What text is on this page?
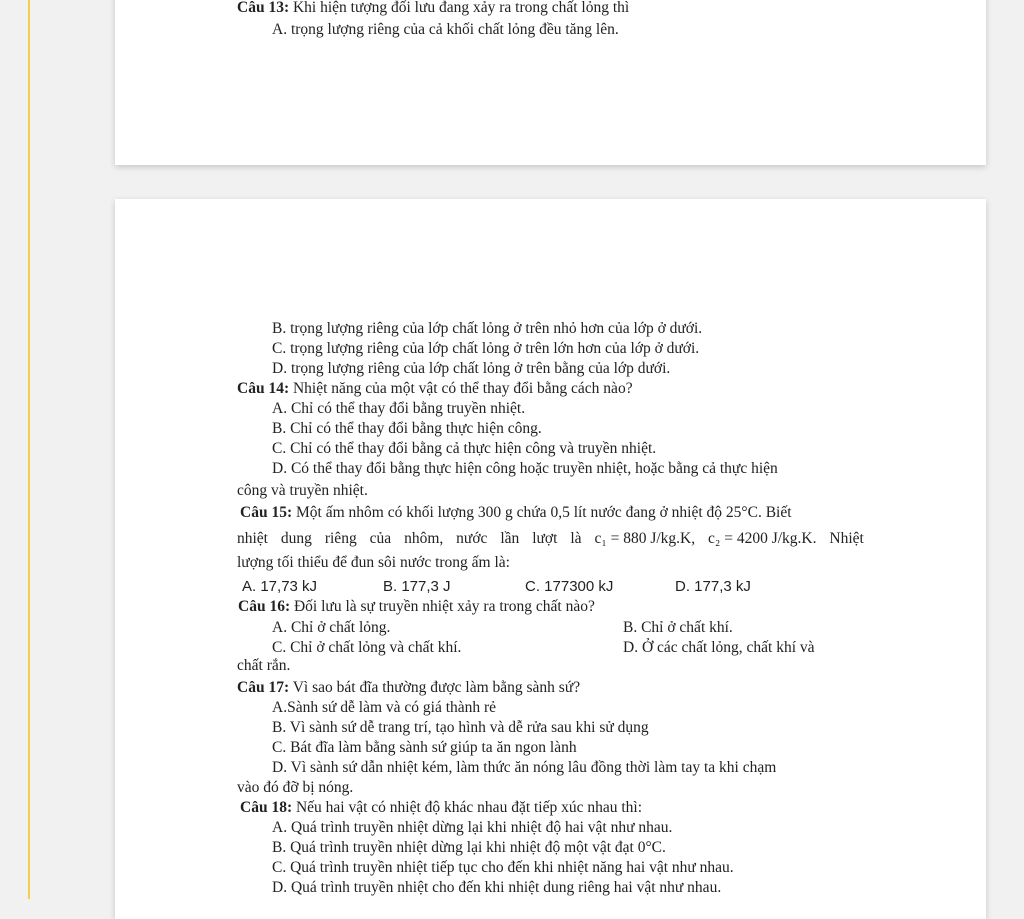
Câu 13: Khi hiện tượng đối lưu đang xảy ra trong chất lỏng thì
A. trọng lượng riêng của cả khối chất lỏng đều tăng lên.
B. trọng lượng riêng của lớp chất lỏng ở trên nhỏ hơn của lớp ở dưới.
C. trọng lượng riêng của lớp chất lỏng ở trên lớn hơn của lớp ở dưới.
D. trọng lượng riêng của lớp chất lỏng ở trên bằng của lớp dưới.
Câu 14: Nhiệt năng của một vật có thể thay đổi bằng cách nào?
A. Chỉ có thể thay đổi bằng truyền nhiệt.
B. Chỉ có thể thay đổi bằng thực hiện công.
C. Chỉ có thể thay đổi bằng cả thực hiện công và truyền nhiệt.
D. Có thể thay đổi bằng thực hiện công hoặc truyền nhiệt, hoặc bằng cả thực hiện
công và truyền nhiệt.
Câu 15: Một ấm nhôm có khối lượng 300 g chứa 0,5 lít nước đang ở nhiệt độ 25°C. Biết
nhiệt dung riêng của nhôm, nước lần lượt là c₁ = 880 J/kg.K, c₂ = 4200 J/kg.K. Nhiệt
lượng tối thiểu để đun sôi nước trong ấm là:
A. 17,73 kJ	B. 177,3 J	C. 177300 kJ	D. 177,3 kJ
Câu 16: Đối lưu là sự truyền nhiệt xảy ra trong chất nào?
A. Chỉ ở chất lỏng.	B. Chỉ ở chất khí.
C. Chỉ ở chất lỏng và chất khí.	D. Ở các chất lỏng, chất khí và
chất rắn.
Câu 17: Vì sao bát đĩa thường được làm bằng sành sứ?
A.Sành sứ dễ làm và có giá thành rẻ
B. Vì sành sứ dễ trang trí, tạo hình và dễ rửa sau khi sử dụng
C. Bát đĩa làm bằng sành sứ giúp ta ăn ngon lành
D. Vì sành sứ dẫn nhiệt kém, làm thức ăn nóng lâu đồng thời làm tay ta khi chạm
vào đó đỡ bị nóng.
Câu 18: Nếu hai vật có nhiệt độ khác nhau đặt tiếp xúc nhau thì:
A. Quá trình truyền nhiệt dừng lại khi nhiệt độ hai vật như nhau.
B. Quá trình truyền nhiệt dừng lại khi nhiệt độ một vật đạt 0°C.
C. Quá trình truyền nhiệt tiếp tục cho đến khi nhiệt năng hai vật như nhau.
D. Quá trình truyền nhiệt cho đến khi nhiệt dung riêng hai vật như nhau.
